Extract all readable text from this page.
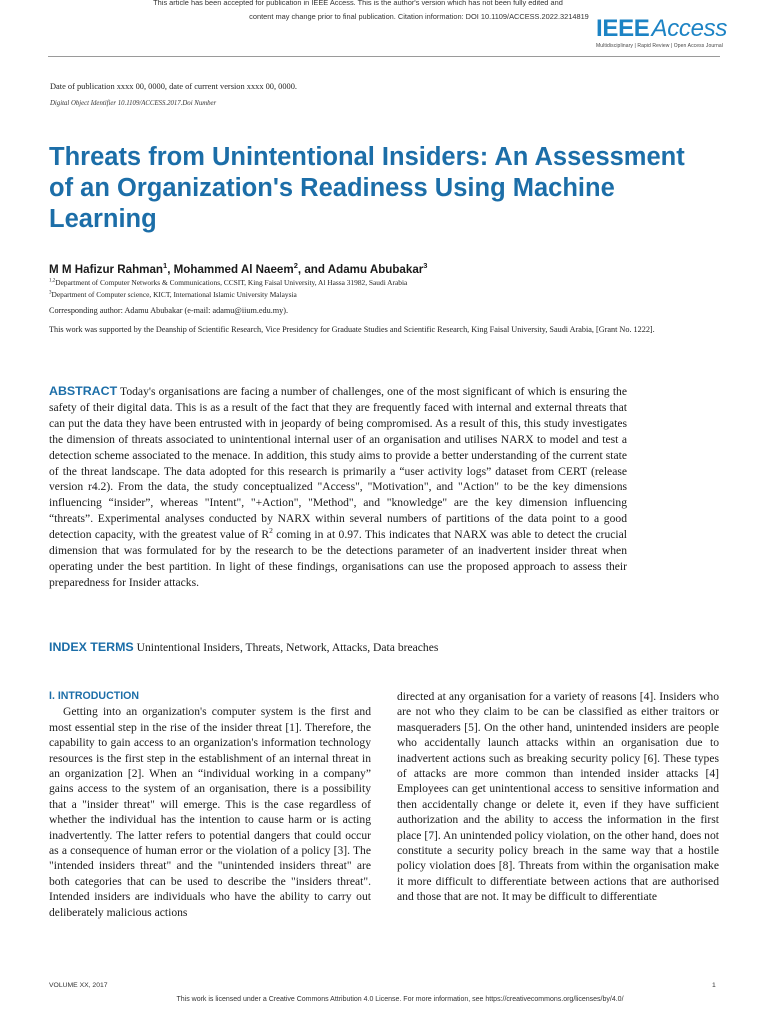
This article has been accepted for publication in IEEE Access. This is the author's version which has not been fully edited and
content may change prior to final publication. Citation information: DOI 10.1109/ACCESS.2022.3214819 IEEEAccess
Multidisciplinary | Rapid Review | Open Access Journal
Date of publication xxxx 00, 0000, date of current version xxxx 00, 0000.
Digital Object Identifier 10.1109/ACCESS.2017.Doi Number
Threats from Unintentional Insiders: An Assessment of an Organization's Readiness Using Machine Learning
M M Hafizur Rahman$^1$, Mohammed Al Naeem$^2$, and Adamu Abubakar$^3$
$^{1,2}$Department of Computer Networks & Communications, CCSIT, King Faisal University, Al Hassa 31982, Saudi Arabia
$^3$Department of Computer science, KICT, International Islamic University Malaysia
Corresponding author: Adamu Abubakar (e-mail: adamu@iium.edu.my).
This work was supported by the Deanship of Scientific Research, Vice Presidency for Graduate Studies and Scientific Research, King Faisal University, Saudi Arabia, [Grant No. 1222].
ABSTRACT Today's organisations are facing a number of challenges, one of the most significant of which is ensuring the safety of their digital data. This is as a result of the fact that they are frequently faced with internal and external threats that can put the data they have been entrusted with in jeopardy of being compromised. As a result of this, this study investigates the dimension of threats associated to unintentional internal user of an organisation and utilises NARX to model and test a detection scheme associated to the menace. In addition, this study aims to provide a better understanding of the current state of the threat landscape. The data adopted for this research is primarily a “user activity logs” dataset from CERT (release version r4.2). From the data, the study conceptualized "Access", "Motivation", and "Action" to be the key dimensions influencing “insider”, whereas "Intent", "+Action", "Method", and "knowledge" are the key dimension influencing “threats”. Experimental analyses conducted by NARX within several numbers of partitions of the data point to a good detection capacity, with the greatest value of $R^2$ coming in at 0.97. This indicates that NARX was able to detect the crucial dimension that was formulated for by the research to be the detections parameter of an inadvertent insider threat when operating under the best partition. In light of these findings, organisations can use the proposed approach to assess their preparedness for Insider attacks.
INDEX TERMS Unintentional Insiders, Threats, Network, Attacks, Data breaches
I. INTRODUCTION
Getting into an organization's computer system is the first and most essential step in the rise of the insider threat [1]. Therefore, the capability to gain access to an organization's information technology resources is the first step in the establishment of an internal threat in an organization [2]. When an “individual working in a company” gains access to the system of an organisation, there is a possibility that a "insider threat" will emerge. This is the case regardless of whether the individual has the intention to cause harm or is acting inadvertently. The latter refers to potential dangers that could occur as a consequence of human error or the violation of a policy [3]. The "intended insiders threat" and the "unintended insiders threat" are both categories that can be used to describe the "insiders threat". Intended insiders are individuals who have the ability to carry out deliberately malicious actions
directed at any organisation for a variety of reasons [4]. Insiders who are not who they claim to be can be classified as either traitors or masqueraders [5]. On the other hand, unintended insiders are people who accidentally launch attacks within an organisation due to inadvertent actions such as breaking security policy [6]. These types of attacks are more common than intended insider attacks [4] Employees can get unintentional access to sensitive information and then accidentally change or delete it, even if they have sufficient authorization and the ability to access the information in the first place [7]. An unintended policy violation, on the other hand, does not constitute a security policy breach in the same way that a hostile policy violation does [8]. Threats from within the organisation make it more difficult to differentiate between actions that are authorised and those that are not. It may be difficult to differentiate
VOLUME XX, 2017	1
This work is licensed under a Creative Commons Attribution 4.0 License. For more information, see https://creativecommons.org/licenses/by/4.0/
